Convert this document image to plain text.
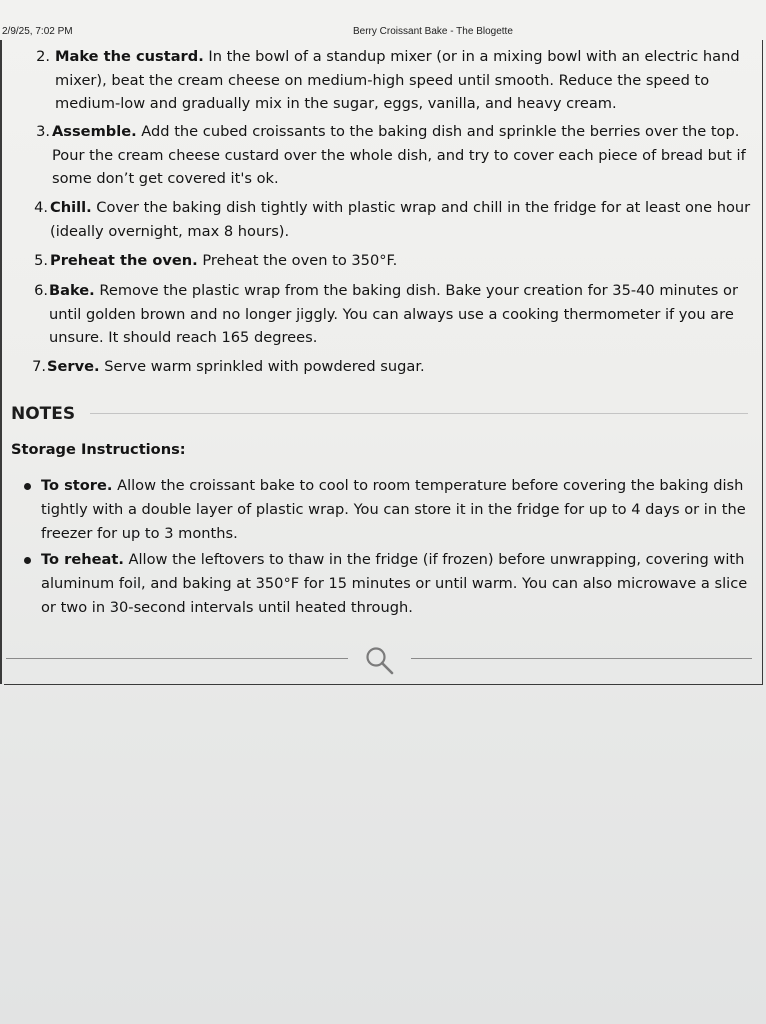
2/9/25, 7:02 PM	Berry Croissant Bake - The Blogette
2. Make the custard. In the bowl of a standup mixer (or in a mixing bowl with an electric hand
mixer), beat the cream cheese on medium-high speed until smooth. Reduce the speed to
medium-low and gradually mix in the sugar, eggs, vanilla, and heavy cream.
3. Assemble. Add the cubed croissants to the baking dish and sprinkle the berries over the top.
Pour the cream cheese custard over the whole dish, and try to cover each piece of bread but if
some don’t get covered it's ok.
4. Chill. Cover the baking dish tightly with plastic wrap and chill in the fridge for at least one hour
(ideally overnight, max 8 hours).
5. Preheat the oven. Preheat the oven to 350°F.
6. Bake. Remove the plastic wrap from the baking dish. Bake your creation for 35-40 minutes or
until golden brown and no longer jiggly. You can always use a cooking thermometer if you are
unsure. It should reach 165 degrees.
7. Serve. Serve warm sprinkled with powdered sugar.
NOTES
Storage Instructions:
To store. Allow the croissant bake to cool to room temperature before covering the baking dish
tightly with a double layer of plastic wrap. You can store it in the fridge for up to 4 days or in the
freezer for up to 3 months.
To reheat. Allow the leftovers to thaw in the fridge (if frozen) before unwrapping, covering with
aluminum foil, and baking at 350°F for 15 minutes or until warm. You can also microwave a slice
or two in 30-second intervals until heated through.
